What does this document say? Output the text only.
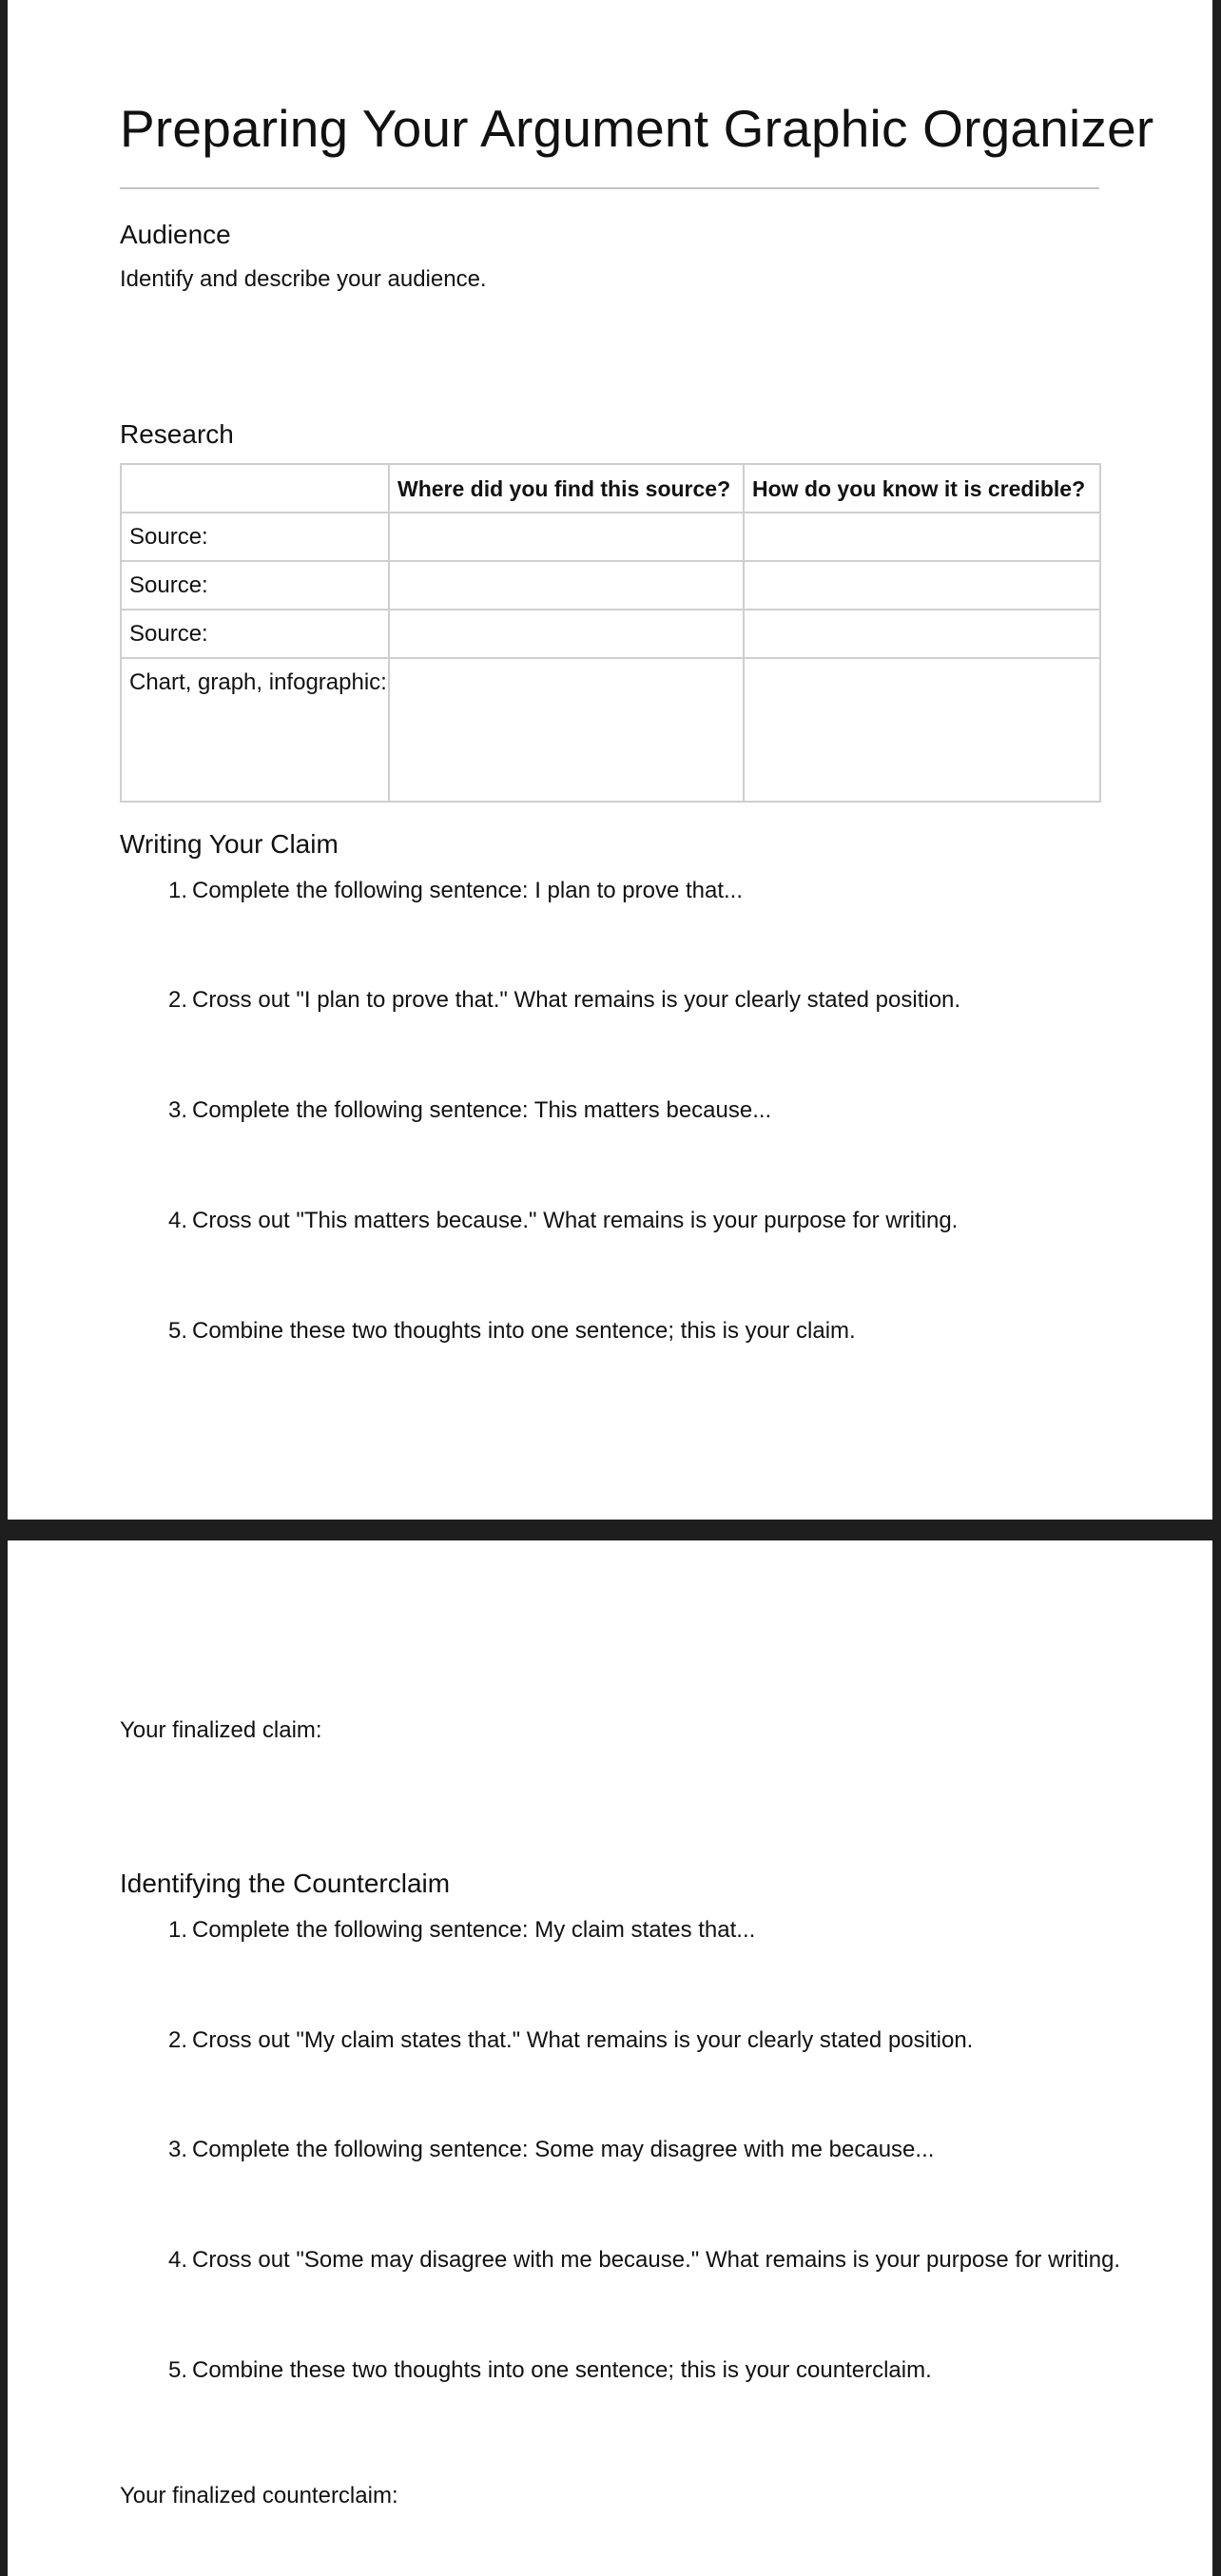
Preparing Your Argument Graphic Organizer
Audience

Identify and describe your audience.

Research
	Where did you find this source?	How do you know it is credible?
Source:		
Source:		
Source:		
Chart, graph, infographic:		
Writing Your Claim
1. Complete the following sentence: I plan to prove that...
2. Cross out "I plan to prove that." What remains is your clearly stated position.
3. Complete the following sentence: This matters because...
4. Cross out "This matters because." What remains is your purpose for writing.
5. Combine these two thoughts into one sentence; this is your claim.

Your finalized claim:

Identifying the Counterclaim
1. Complete the following sentence: My claim states that...
2. Cross out "My claim states that." What remains is your clearly stated position.
3. Complete the following sentence: Some may disagree with me because...
4. Cross out "Some may disagree with me because." What remains is your purpose for writing.
5. Combine these two thoughts into one sentence; this is your counterclaim.

Your finalized counterclaim:
